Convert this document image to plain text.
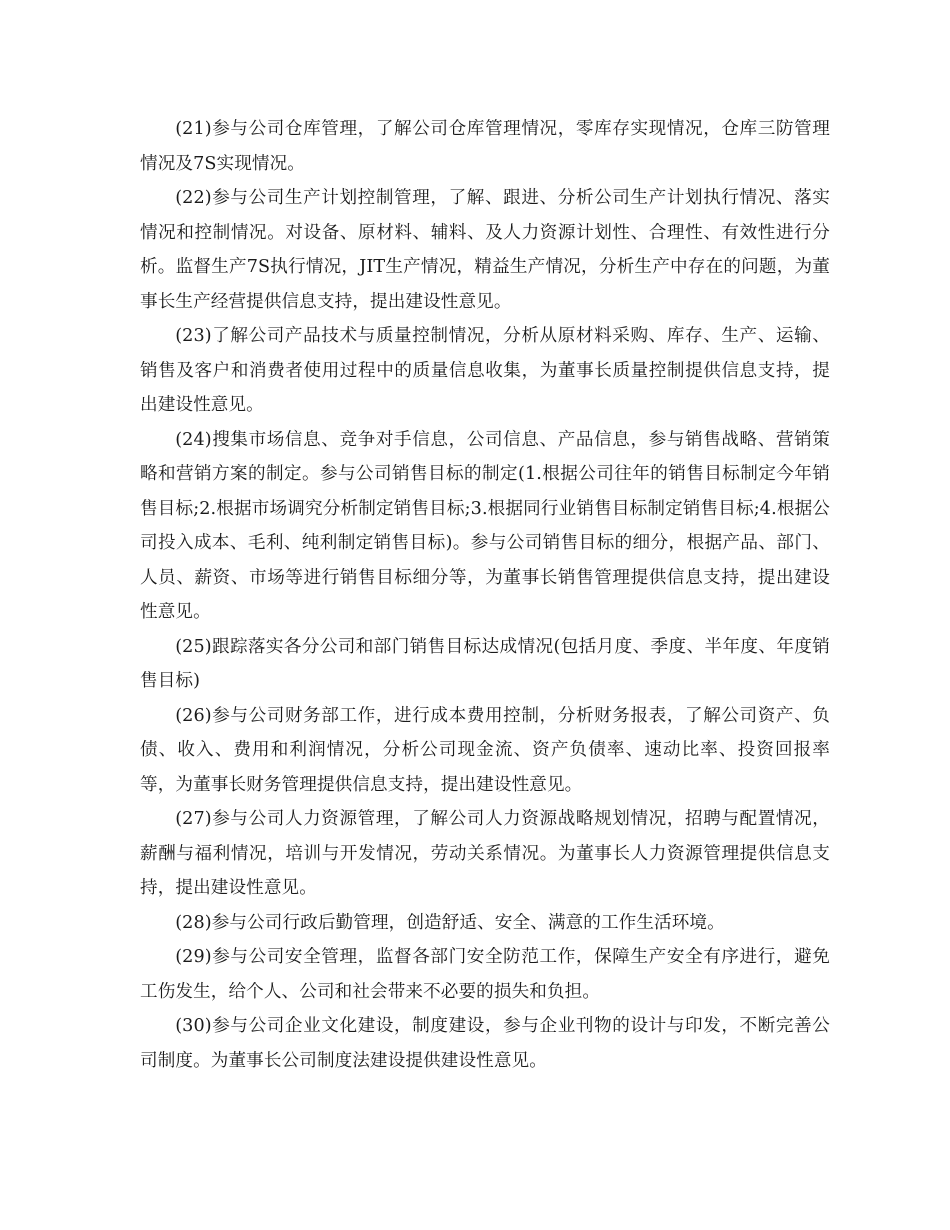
(21)参与公司仓库管理，了解公司仓库管理情况，零库存实现情况，仓库三防管理情况及7S实现情况。

(22)参与公司生产计划控制管理，了解、跟进、分析公司生产计划执行情况、落实情况和控制情况。对设备、原材料、辅料、及人力资源计划性、合理性、有效性进行分析。监督生产7S执行情况，JIT生产情况，精益生产情况，分析生产中存在的问题，为董事长生产经营提供信息支持，提出建设性意见。

(23)了解公司产品技术与质量控制情况，分析从原材料采购、库存、生产、运输、销售及客户和消费者使用过程中的质量信息收集，为董事长质量控制提供信息支持，提出建设性意见。

(24)搜集市场信息、竞争对手信息，公司信息、产品信息，参与销售战略、营销策略和营销方案的制定。参与公司销售目标的制定(1.根据公司往年的销售目标制定今年销售目标;2.根据市场调究分析制定销售目标;3.根据同行业销售目标制定销售目标;4.根据公司投入成本、毛利、纯利制定销售目标)。参与公司销售目标的细分，根据产品、部门、人员、薪资、市场等进行销售目标细分等，为董事长销售管理提供信息支持，提出建设性意见。

(25)跟踪落实各分公司和部门销售目标达成情况(包括月度、季度、半年度、年度销售目标)

(26)参与公司财务部工作，进行成本费用控制，分析财务报表，了解公司资产、负债、收入、费用和利润情况，分析公司现金流、资产负债率、速动比率、投资回报率等，为董事长财务管理提供信息支持，提出建设性意见。

(27)参与公司人力资源管理，了解公司人力资源战略规划情况，招聘与配置情况，薪酬与福利情况，培训与开发情况，劳动关系情况。为董事长人力资源管理提供信息支持，提出建设性意见。

(28)参与公司行政后勤管理，创造舒适、安全、满意的工作生活环境。

(29)参与公司安全管理，监督各部门安全防范工作，保障生产安全有序进行，避免工伤发生，给个人、公司和社会带来不必要的损失和负担。

(30)参与公司企业文化建设，制度建设，参与企业刊物的设计与印发，不断完善公司制度。为董事长公司制度法建设提供建设性意见。
